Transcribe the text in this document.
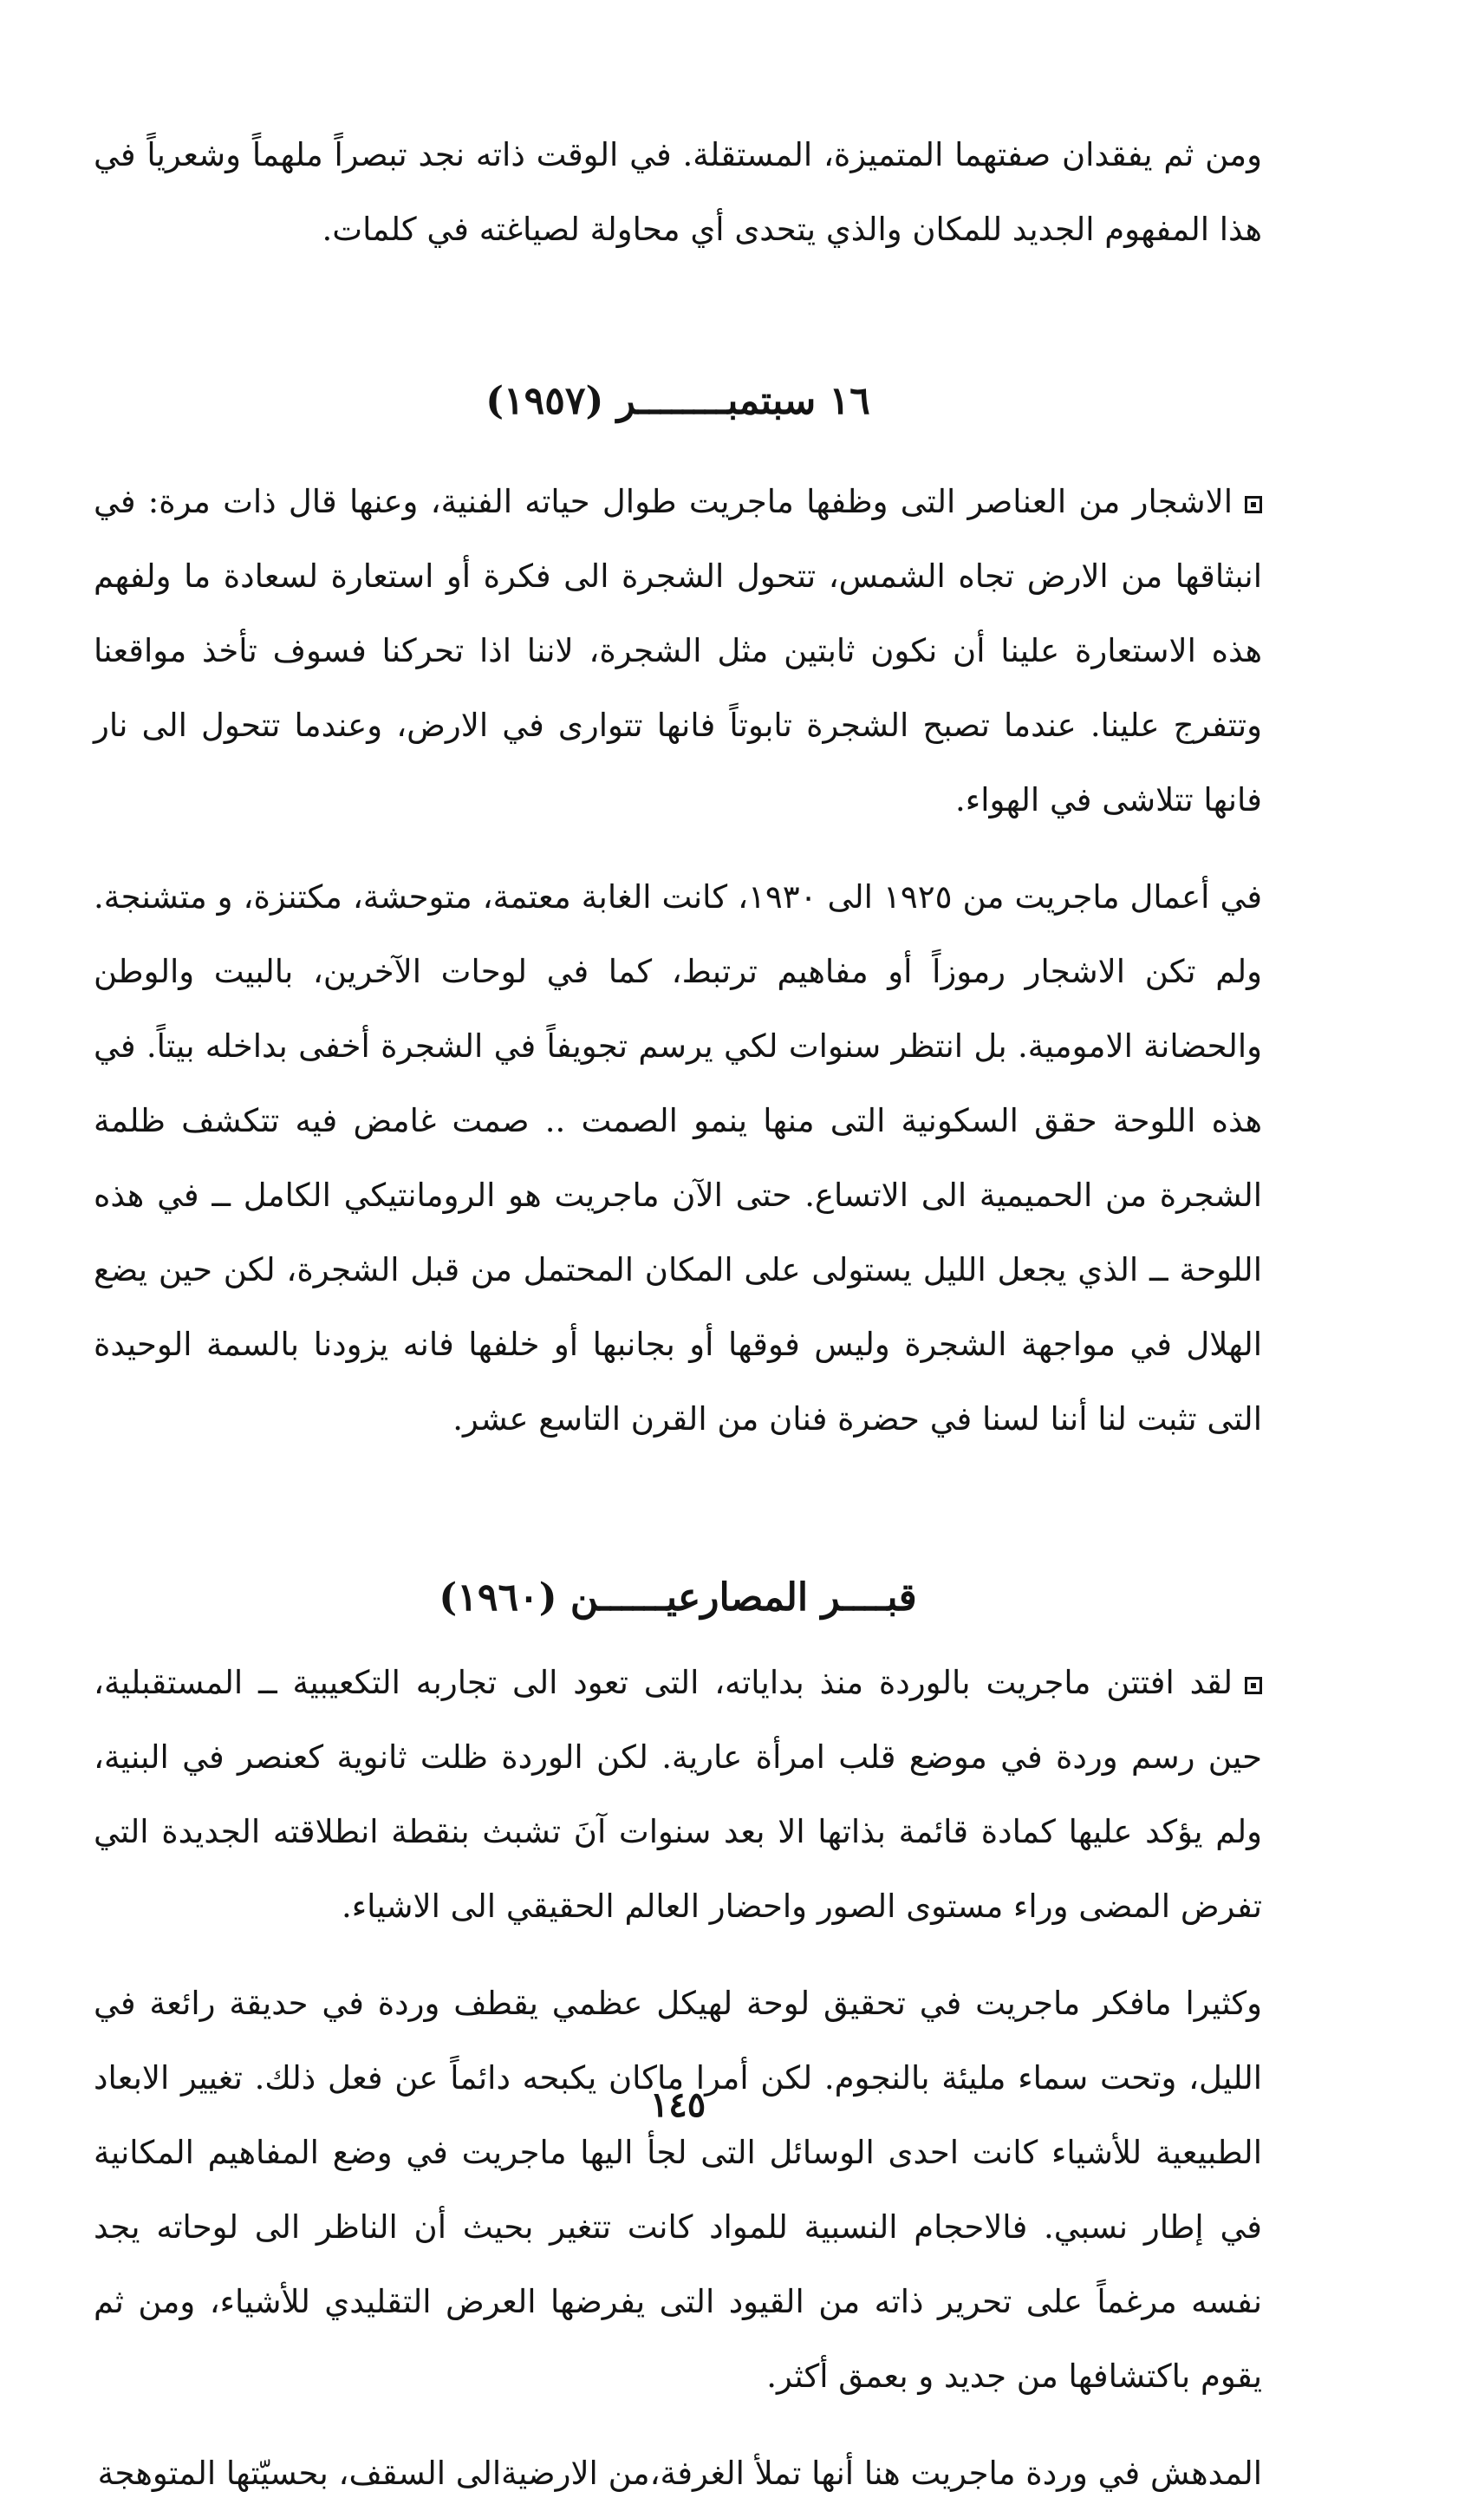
ومن ثم يفقدان صفتهما المتميزة، المستقلة. في الوقت ذاته نجد تبصراً ملهماً وشعرياً في هذا المفهوم الجديد للمكان والذي يتحدى أي محاولة لصياغته في كلمات.

١٦ سبتمبــــــــر (١٩٥٧)

الاشجار من العناصر التى وظفها ماجريت طوال حياته الفنية، وعنها قال ذات مرة: في انبثاقها من الارض تجاه الشمس، تتحول الشجرة الى فكرة أو استعارة لسعادة ما ولفهم هذه الاستعارة علينا أن نكون ثابتين مثل الشجرة، لاننا اذا تحركنا فسوف تأخذ مواقعنا وتتفرج علينا. عندما تصبح الشجرة تابوتاً فانها تتوارى في الارض، وعندما تتحول الى نار فانها تتلاشى في الهواء.

في أعمال ماجريت من ١٩٢٥ الى ١٩٣٠، كانت الغابة معتمة، متوحشة، مكتنزة، و متشنجة. ولم تكن الاشجار رموزاً أو مفاهيم ترتبط، كما في لوحات الآخرين، بالبيت والوطن والحضانة الامومية. بل انتظر سنوات لكي يرسم تجويفاً في الشجرة أخفى بداخله بيتاً. في هذه اللوحة حقق السكونية التى منها ينمو الصمت .. صمت غامض فيه تتكشف ظلمة الشجرة من الحميمية الى الاتساع. حتى الآن ماجريت هو الرومانتيكي الكامل ــ في هذه اللوحة ــ الذي يجعل الليل يستولى على المكان المحتمل من قبل الشجرة، لكن حين يضع الهلال في مواجهة الشجرة وليس فوقها أو بجانبها أو خلفها فانه يزودنا بالسمة الوحيدة التى تثبت لنا أننا لسنا في حضرة فنان من القرن التاسع عشر.

قبــــر المصارعيــــــن (١٩٦٠)

لقد افتتن ماجريت بالوردة منذ بداياته، التى تعود الى تجاربه التكعيبية ــ المستقبلية، حين رسم وردة في موضع قلب امرأة عارية. لكن الوردة ظلت ثانوية كعنصر في البنية، ولم يؤكد عليها كمادة قائمة بذاتها الا بعد سنوات آنَ تشبث بنقطة انطلاقته الجديدة التي تفرض المضى وراء مستوى الصور واحضار العالم الحقيقي الى الاشياء.

وكثيرا مافكر ماجريت في تحقيق لوحة لهيكل عظمي يقطف وردة في حديقة رائعة في الليل، وتحت سماء مليئة بالنجوم. لكن أمرا ماكان يكبحه دائماً عن فعل ذلك. تغيير الابعاد الطبيعية للأشياء كانت احدى الوسائل التى لجأ اليها ماجريت في وضع المفاهيم المكانية في إطار نسبي. فالاحجام النسبية للمواد كانت تتغير بحيث أن الناظر الى لوحاته يجد نفسه مرغماً على تحرير ذاته من القيود التى يفرضها العرض التقليدي للأشياء، ومن ثم يقوم باكتشافها من جديد و بعمق أكثر.

المدهش في وردة ماجريت هنا أنها تملأ الغرفة،من الارضيةالى السقف، بحسيّتها المتوهجة

١٤٥
